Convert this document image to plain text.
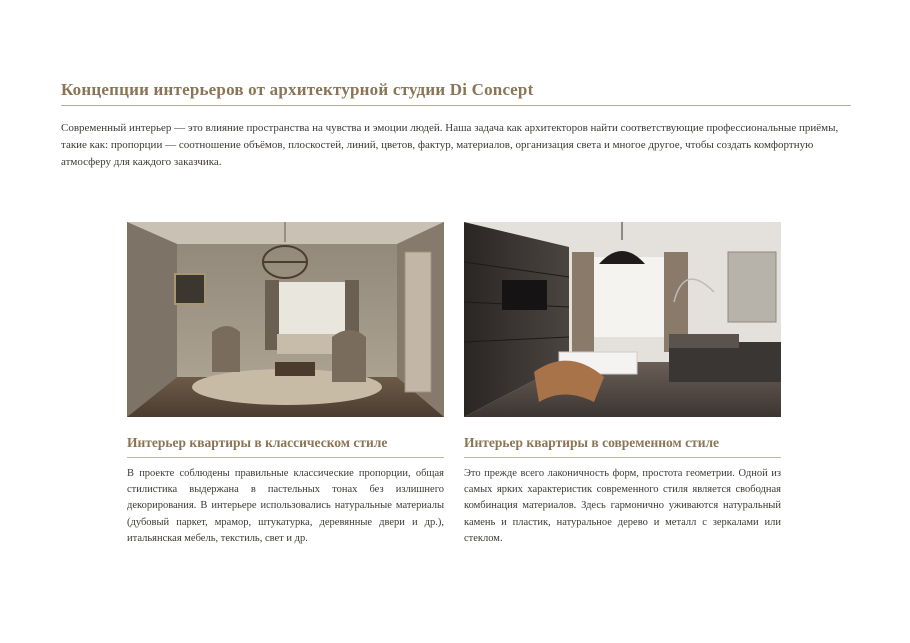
Концепции интерьеров от архитектурной студии Di Concept
Современный интерьер — это влияние пространства на чувства и эмоции людей. Наша задача как архитекторов найти соответствующие профессиональные приёмы, такие как: пропорции — соотношение объёмов, плоскостей, линий, цветов, фактур, материалов, организация света и многое другое, чтобы создать комфортную атмосферу для каждого заказчика.
Интерьер квартиры в классическом стиле
В проекте соблюдены правильные классические пропорции, общая стилистика выдержана в пастельных тонах без излишнего декорирования. В интерьере использовались натуральные материалы (дубовый паркет, мрамор, штукатурка, деревянные двери и др.), итальянская мебель, текстиль, свет и др.
Интерьер квартиры в современном стиле
Это прежде всего лаконичность форм, простота геометрии. Одной из самых ярких характеристик современного стиля является свободная комбинация материалов. Здесь гармонично уживаются натуральный камень и пластик, натуральное дерево и металл с зеркалами или стеклом.
